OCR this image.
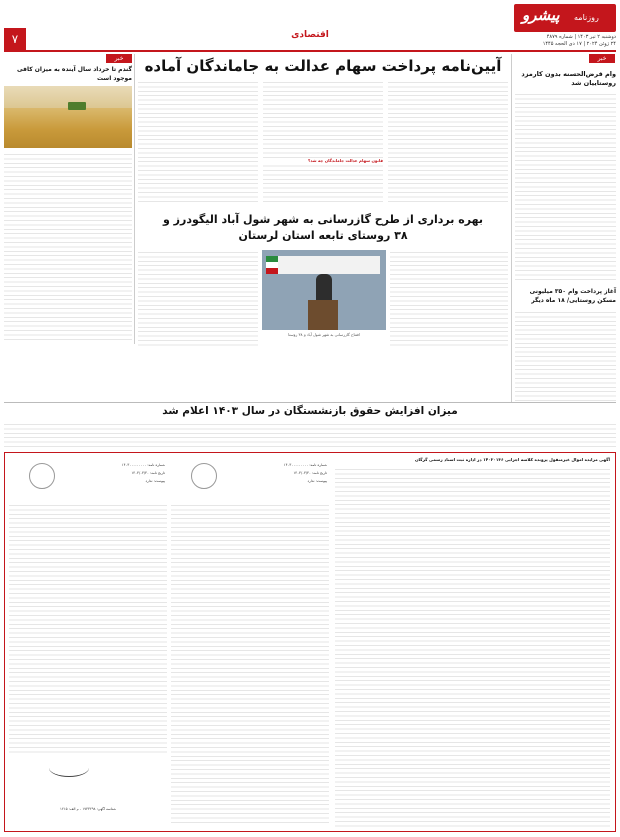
۷	اقتصادی
پیشرو روزنامه
دوشنبه ۲ تیر ۱۴۰۳ | شماره ۴۸۷۹
۲۴ ژوئن ۲۰۲۴ | ۱۷ ذی الحجه ۱۴۴۵
خبر
وام قرض‌الحسنه بدون کارمزد روستاییان شد
آغاز پرداخت وام ۳۵۰ میلیونی مسکن روستایی/ ۱۸ ماه دیگر
آیین‌نامه پرداخت سهام عدالت به جاماندگان آماده
قانون سهام عدالت جاماندگان چه شد؟
خبر
گندم تا خرداد سال آینده به میزان کافی موجود است
بهره برداری از طرح گازرسانی به شهر شول آباد الیگودرز و
۳۸ روستای تابعه استان لرستان
افتتاح گازرسانی به شهر شول آباد و ۳۸ روستا
میزان افزایش حقوق بازنشستگان در سال ۱۴۰۳ اعلام شد
آگهی مزایده اموال غیرمنقول پرونده کلاسه اجرایی ۱۴۰۲۰۱۳۶ در اداره ثبت اسناد رسمی گرگان
شماره نامه: ۱۴۰۳۰۰۰۰۰۰۰۰۰
تاریخ نامه: ۱۴۰۳/۰۳/۳۰
پیوست: ندارد
شماره نامه: ۱۴۰۳۰۰۰۰۰۰۰۰۰
تاریخ نامه: ۱۴۰۳/۰۳/۳۰
پیوست: ندارد
شناسه آگهی: ۱۷۴۳۲۹۸ - م الف: ۱۲۱۵
